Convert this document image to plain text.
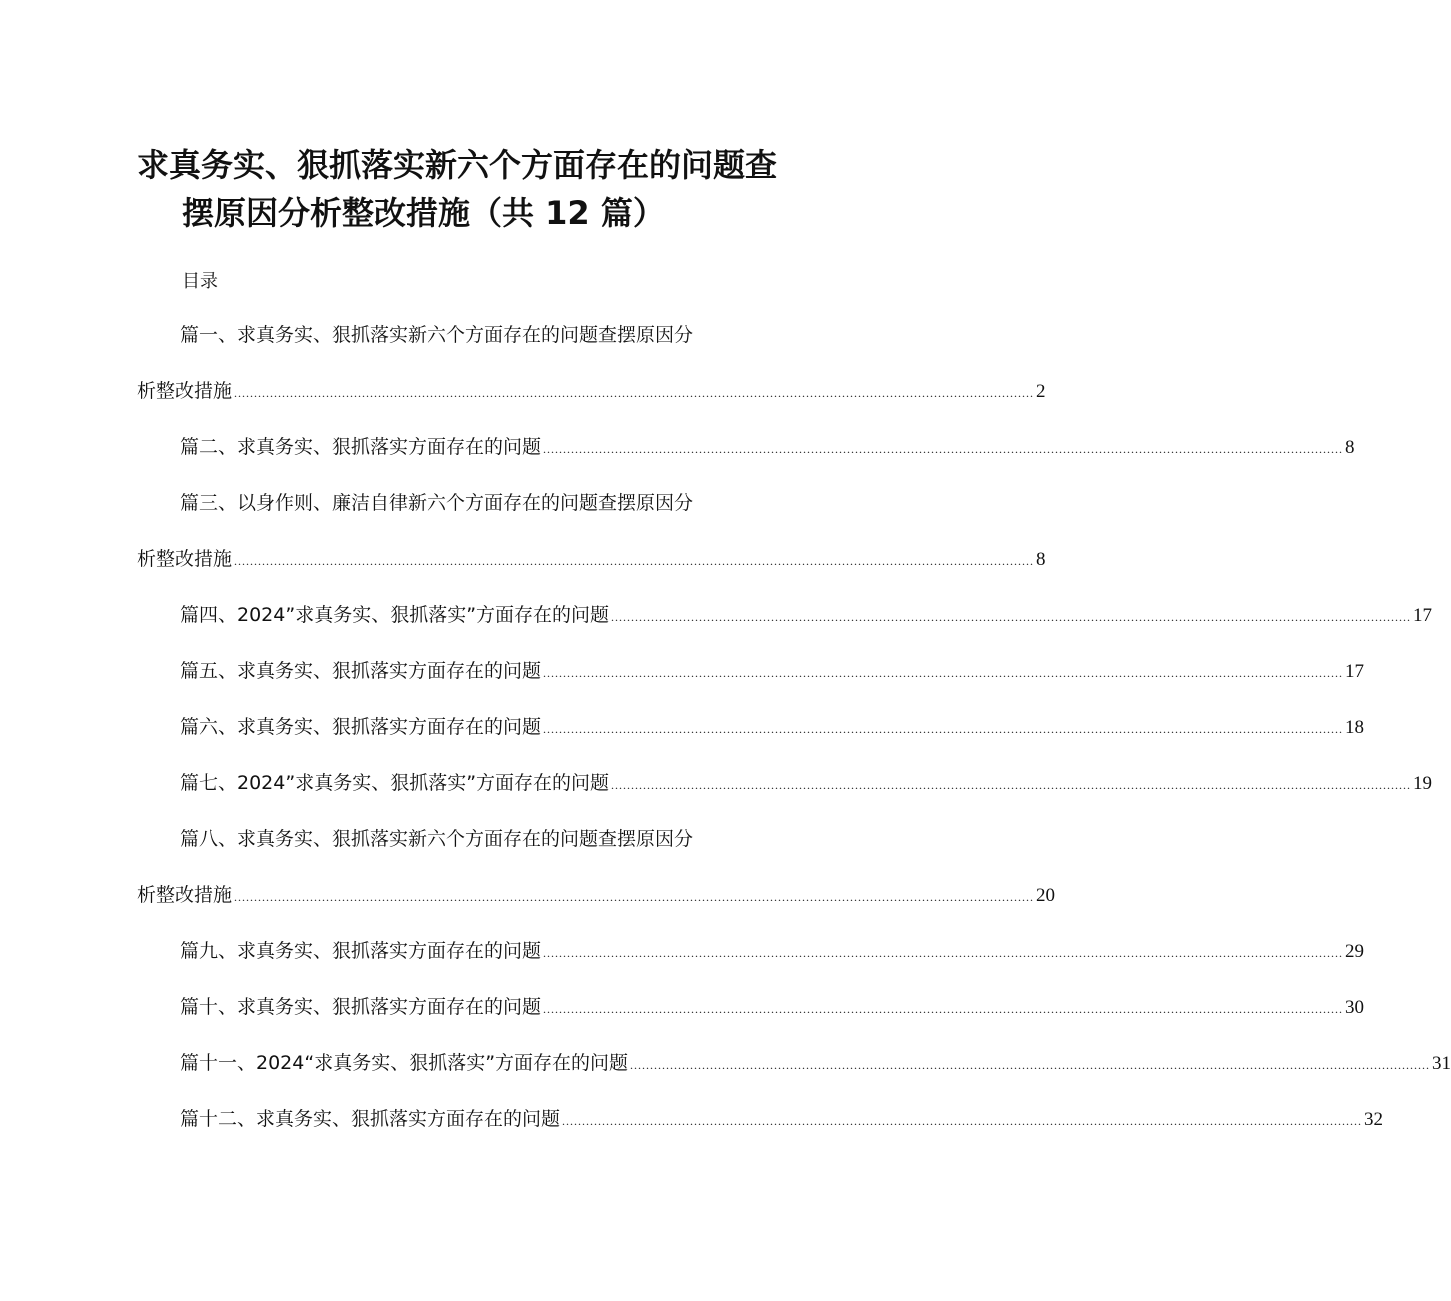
求真务实、狠抓落实新六个方面存在的问题查
摆原因分析整改措施（共 12 篇）
目录
篇一、求真务实、狠抓落实新六个方面存在的问题查摆原因分
析整改措施 ........................................................................................................................................................................................................ 2
篇二、求真务实、狠抓落实方面存在的问题 ........................................................................................................................................................................................................ 8
篇三、以身作则、廉洁自律新六个方面存在的问题查摆原因分
析整改措施 ........................................................................................................................................................................................................ 8
篇四、2024”求真务实、狠抓落实”方面存在的问题 ........................................................................................................................................................................................................ 17
篇五、求真务实、狠抓落实方面存在的问题 ........................................................................................................................................................................................................ 17
篇六、求真务实、狠抓落实方面存在的问题 ........................................................................................................................................................................................................ 18
篇七、2024”求真务实、狠抓落实”方面存在的问题 ........................................................................................................................................................................................................ 19
篇八、求真务实、狠抓落实新六个方面存在的问题查摆原因分
析整改措施 ........................................................................................................................................................................................................ 20
篇九、求真务实、狠抓落实方面存在的问题 ........................................................................................................................................................................................................ 29
篇十、求真务实、狠抓落实方面存在的问题 ........................................................................................................................................................................................................ 30
篇十一、2024“求真务实、狠抓落实”方面存在的问题 ........................................................................................................................................................................................................ 31
篇十二、求真务实、狠抓落实方面存在的问题 ........................................................................................................................................................................................................ 32
